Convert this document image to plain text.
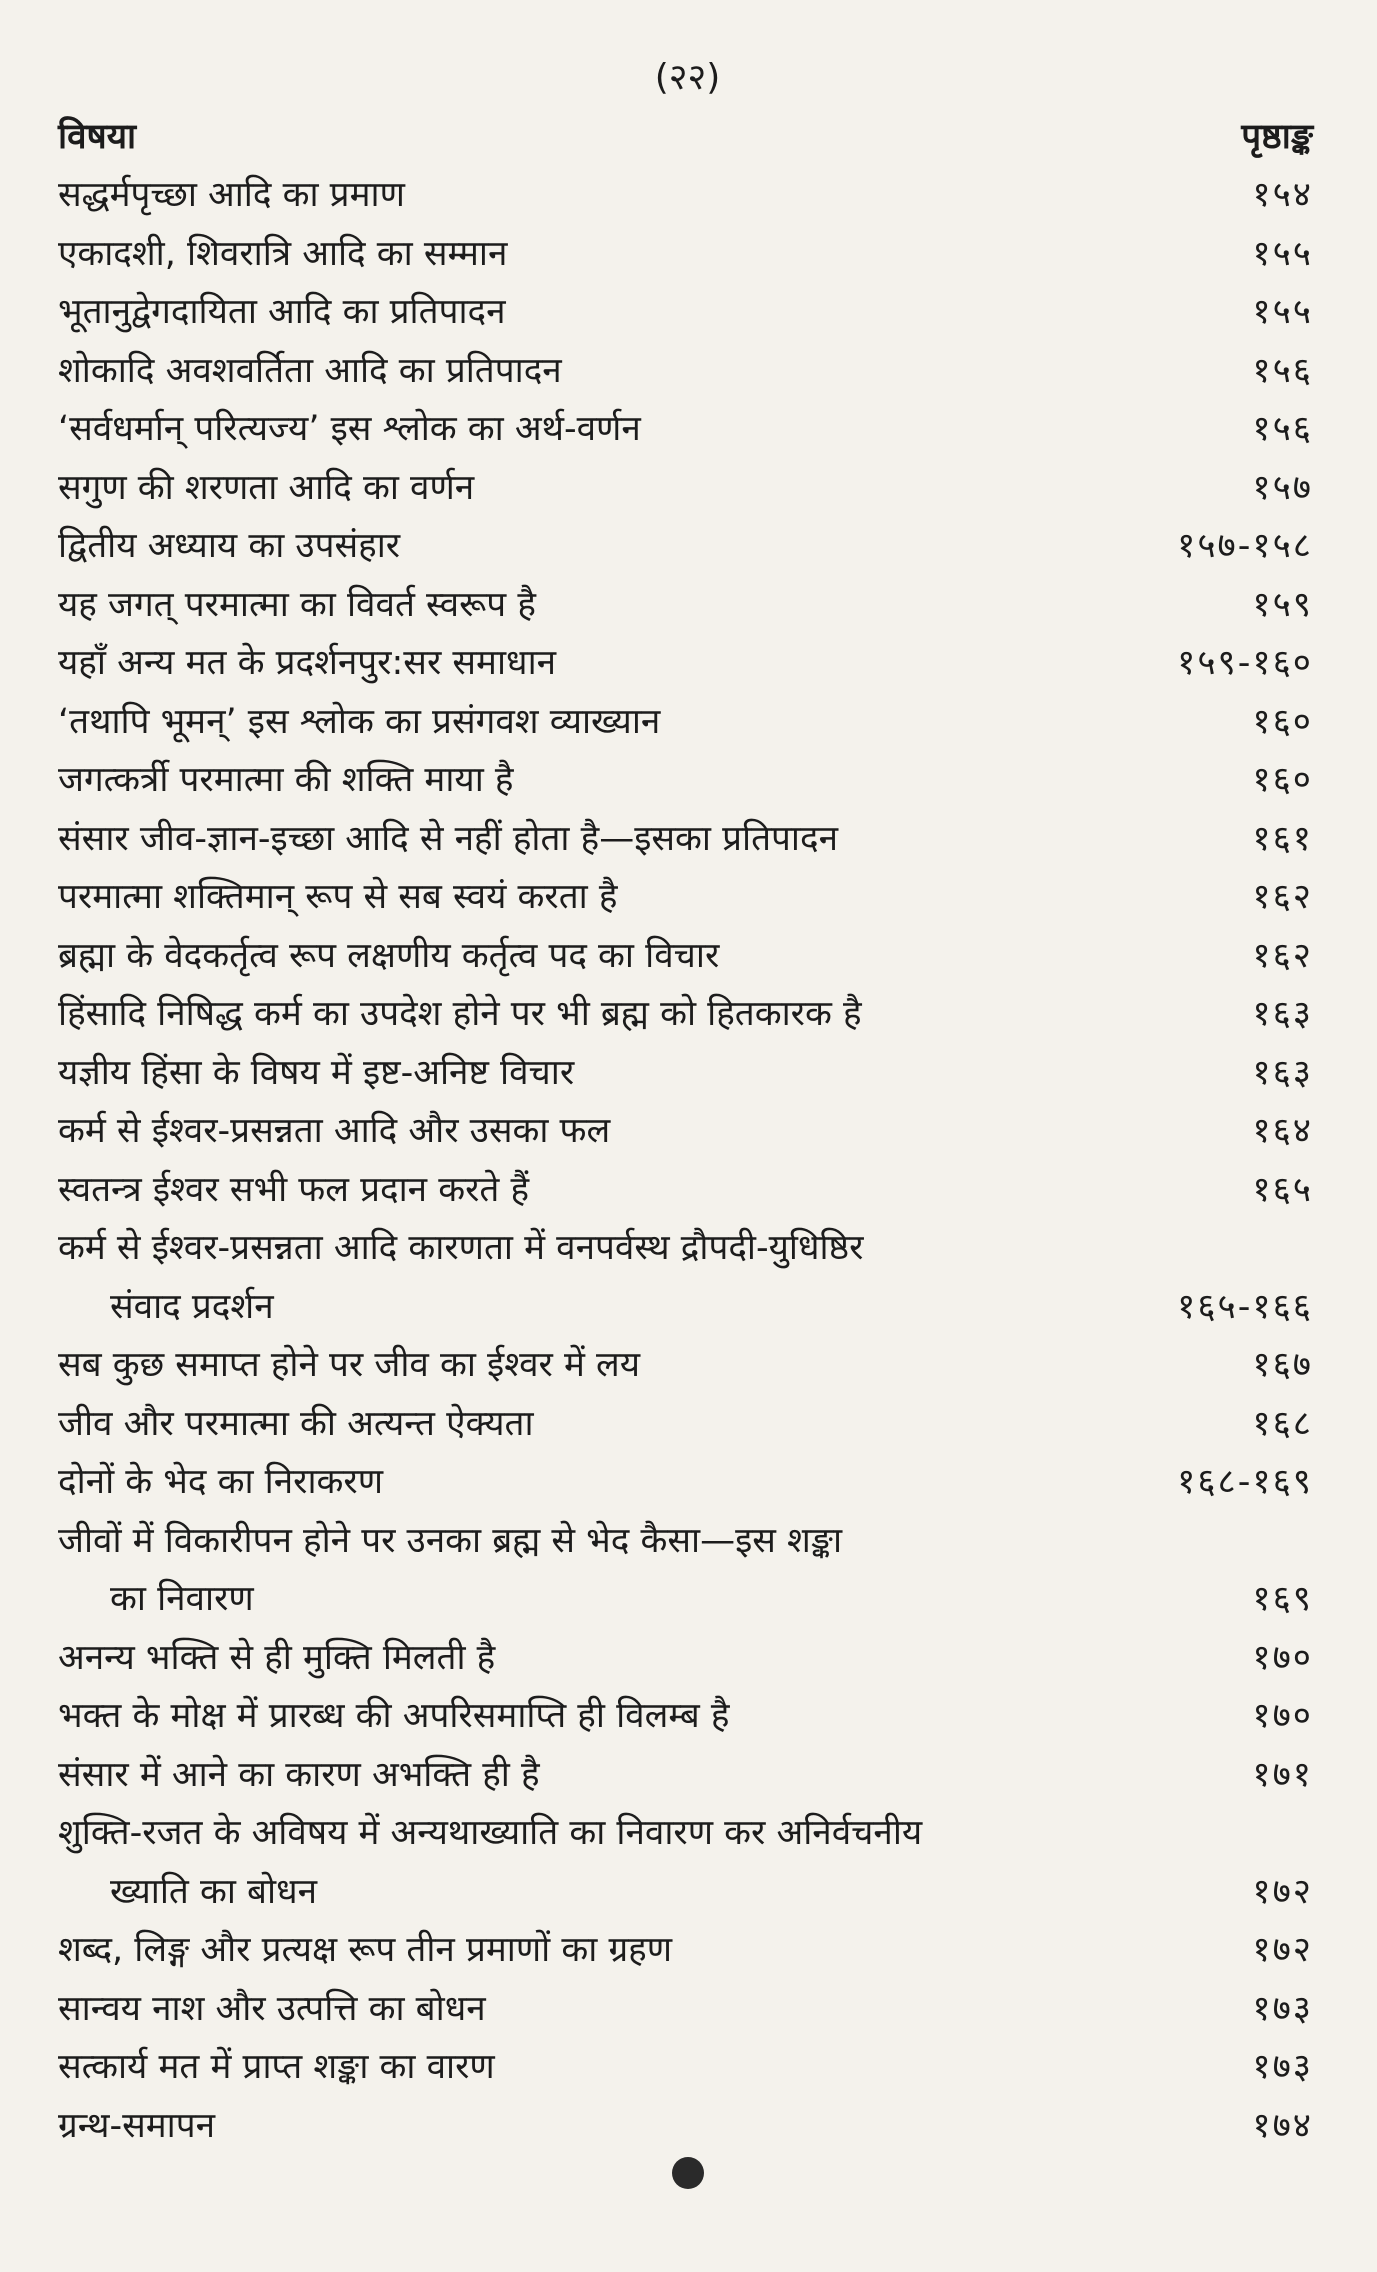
(२२)
विषया	पृष्ठाङ्क
सद्धर्मपृच्छा आदि का प्रमाण	१५४
एकादशी, शिवरात्रि आदि का सम्मान	१५५
भूतानुद्वेगदायिता आदि का प्रतिपादन	१५५
शोकादि अवशवर्तिता आदि का प्रतिपादन	१५६
‘सर्वधर्मान् परित्यज्य’ इस श्लोक का अर्थ-वर्णन	१५६
सगुण की शरणता आदि का वर्णन	१५७
द्वितीय अध्याय का उपसंहार	१५७-१५८
यह जगत् परमात्मा का विवर्त स्वरूप है	१५९
यहाँ अन्य मत के प्रदर्शनपुर:सर समाधान	१५९-१६०
‘तथापि भूमन्’ इस श्लोक का प्रसंगवश व्याख्यान	१६०
जगत्कर्त्री परमात्मा की शक्ति माया है	१६०
संसार जीव-ज्ञान-इच्छा आदि से नहीं होता है—इसका प्रतिपादन	१६१
परमात्मा शक्तिमान् रूप से सब स्वयं करता है	१६२
ब्रह्मा के वेदकर्तृत्व रूप लक्षणीय कर्तृत्व पद का विचार	१६२
हिंसादि निषिद्ध कर्म का उपदेश होने पर भी ब्रह्म को हितकारक है	१६३
यज्ञीय हिंसा के विषय में इष्ट-अनिष्ट विचार	१६३
कर्म से ईश्वर-प्रसन्नता आदि और उसका फल	१६४
स्वतन्त्र ईश्वर सभी फल प्रदान करते हैं	१६५
कर्म से ईश्वर-प्रसन्नता आदि कारणता में वनपर्वस्थ द्रौपदी-युधिष्ठिर
संवाद प्रदर्शन	१६५-१६६
सब कुछ समाप्त होने पर जीव का ईश्वर में लय	१६७
जीव और परमात्मा की अत्यन्त ऐक्यता	१६८
दोनों के भेद का निराकरण	१६८-१६९
जीवों में विकारीपन होने पर उनका ब्रह्म से भेद कैसा—इस शङ्का
का निवारण	१६९
अनन्य भक्ति से ही मुक्ति मिलती है	१७०
भक्त के मोक्ष में प्रारब्ध की अपरिसमाप्ति ही विलम्ब है	१७०
संसार में आने का कारण अभक्ति ही है	१७१
शुक्ति-रजत के अविषय में अन्यथाख्याति का निवारण कर अनिर्वचनीय
ख्याति का बोधन	१७२
शब्द, लिङ्ग और प्रत्यक्ष रूप तीन प्रमाणों का ग्रहण	१७२
सान्वय नाश और उत्पत्ति का बोधन	१७३
सत्कार्य मत में प्राप्त शङ्का का वारण	१७३
ग्रन्थ-समापन	१७४
